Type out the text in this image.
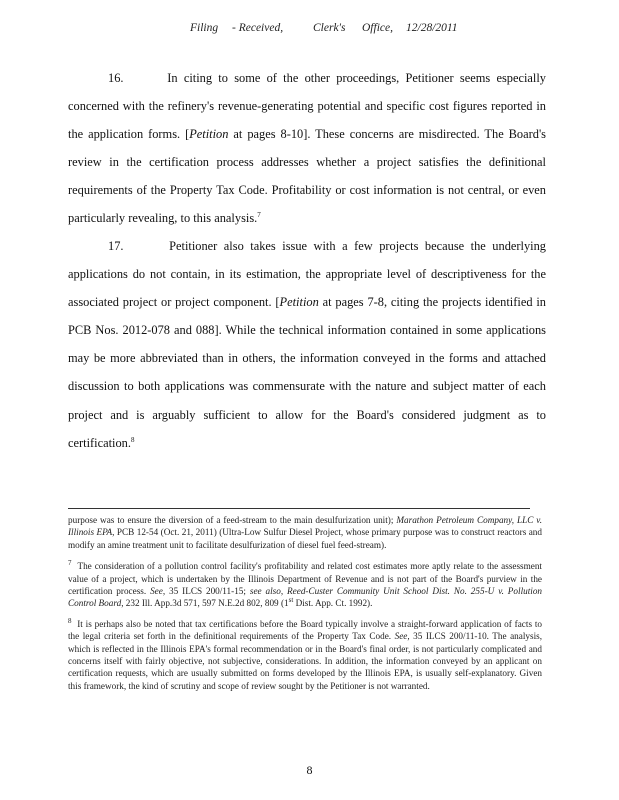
Filing - Received,	Clerk's Office, 12/28/2011

16.	In citing to some of the other proceedings, Petitioner seems especially concerned with the refinery's revenue-generating potential and specific cost figures reported in the application forms. [Petition at pages 8-10]. These concerns are misdirected. The Board's review in the certification process addresses whether a project satisfies the definitional requirements of the Property Tax Code. Profitability or cost information is not central, or even particularly revealing, to this analysis.$^7$

17.	Petitioner also takes issue with a few projects because the underlying applications do not contain, in its estimation, the appropriate level of descriptiveness for the associated project or project component. [Petition at pages 7-8, citing the projects identified in PCB Nos. 2012-078 and 088]. While the technical information contained in some applications may be more abbreviated than in others, the information conveyed in the forms and attached discussion to both applications was commensurate with the nature and subject matter of each project and is arguably sufficient to allow for the Board's considered judgment as to certification.$^8$

purpose was to ensure the diversion of a feed-stream to the main desulfurization unit); Marathon Petroleum Company, LLC v. Illinois EPA, PCB 12-54 (Oct. 21, 2011) (Ultra-Low Sulfur Diesel Project, whose primary purpose was to construct reactors and modify an amine treatment unit to facilitate desulfurization of diesel fuel feed-stream).

$^7$ The consideration of a pollution control facility's profitability and related cost estimates more aptly relate to the assessment value of a project, which is undertaken by the Illinois Department of Revenue and is not part of the Board's purview in the certification process. See, 35 ILCS 200/11-15; see also, Reed-Custer Community Unit School Dist. No. 255-U v. Pollution Control Board, 232 Ill. App.3d 571, 597 N.E.2d 802, 809 (1st Dist. App. Ct. 1992).

$^8$ It is perhaps also be noted that tax certifications before the Board typically involve a straight-forward application of facts to the legal criteria set forth in the definitional requirements of the Property Tax Code. See, 35 ILCS 200/11-10. The analysis, which is reflected in the Illinois EPA's formal recommendation or in the Board's final order, is not particularly complicated and concerns itself with fairly objective, not subjective, considerations. In addition, the information conveyed by an applicant on certification requests, which are usually submitted on forms developed by the Illinois EPA, is usually self-explanatory. Given this framework, the kind of scrutiny and scope of review sought by the Petitioner is not warranted.

8
